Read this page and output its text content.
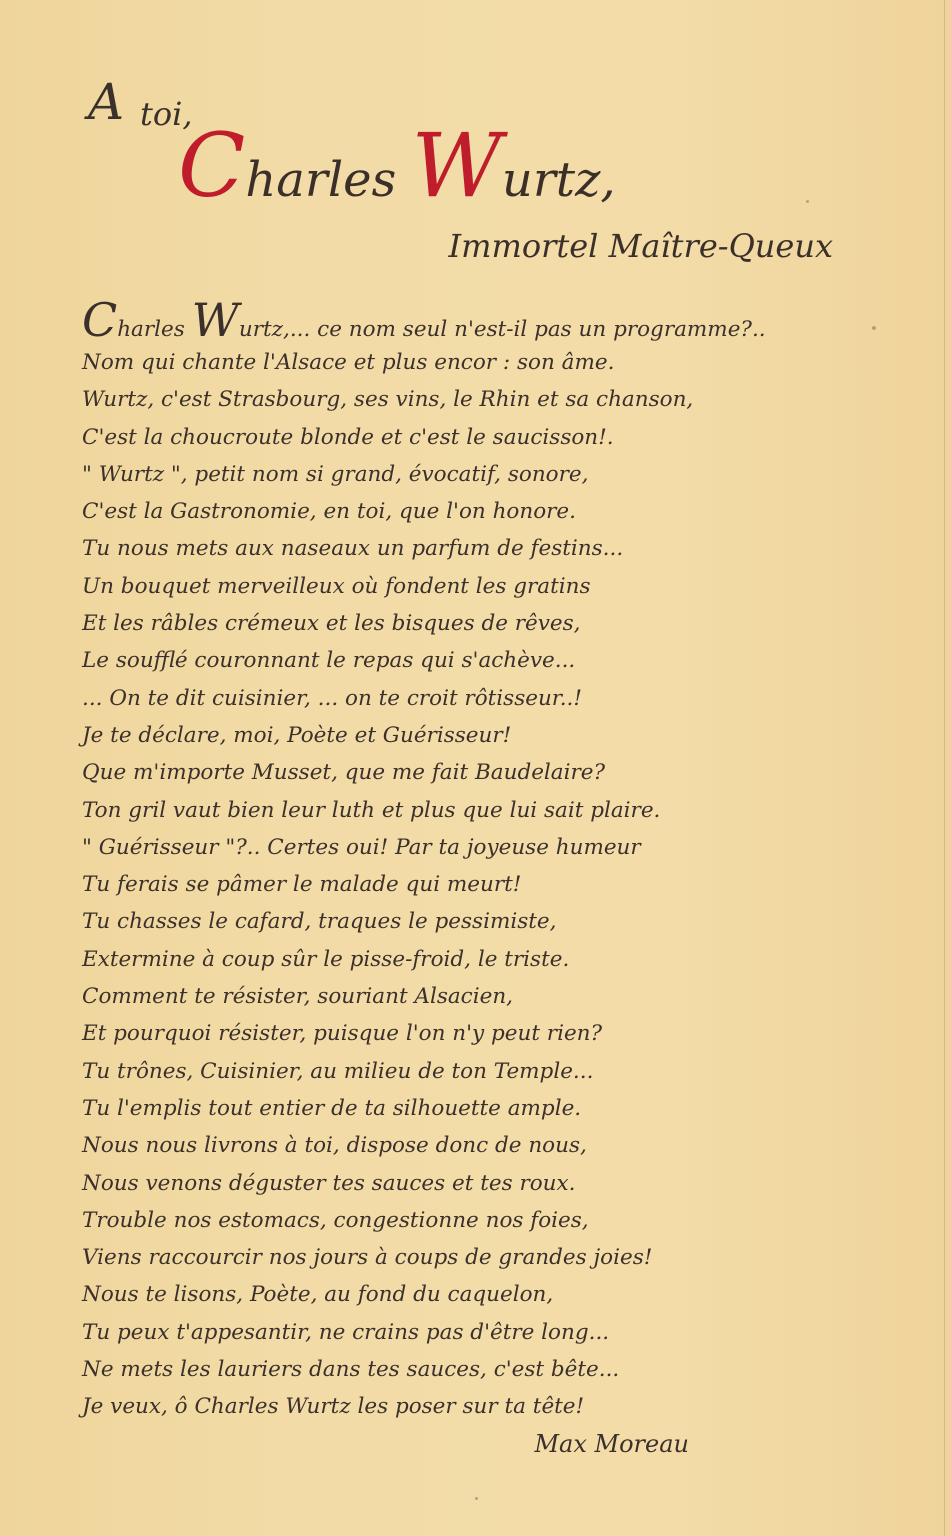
A toi,
Charles Wurtz,
Immortel Maître-Queux
Charles Wurtz,... ce nom seul n'est-il pas un programme?..
Nom qui chante l'Alsace et plus encor : son âme.
Wurtz, c'est Strasbourg, ses vins, le Rhin et sa chanson,
C'est la choucroute blonde et c'est le saucisson!.
" Wurtz ", petit nom si grand, évocatif, sonore,
C'est la Gastronomie, en toi, que l'on honore.
Tu nous mets aux naseaux un parfum de festins...
Un bouquet merveilleux où fondent les gratins
Et les râbles crémeux et les bisques de rêves,
Le soufflé couronnant le repas qui s'achève...
... On te dit cuisinier, ... on te croit rôtisseur..!
Je te déclare, moi, Poète et Guérisseur!
Que m'importe Musset, que me fait Baudelaire?
Ton gril vaut bien leur luth et plus que lui sait plaire.
" Guérisseur "?.. Certes oui! Par ta joyeuse humeur
Tu ferais se pâmer le malade qui meurt!
Tu chasses le cafard, traques le pessimiste,
Extermine à coup sûr le pisse-froid, le triste.
Comment te résister, souriant Alsacien,
Et pourquoi résister, puisque l'on n'y peut rien?
Tu trônes, Cuisinier, au milieu de ton Temple...
Tu l'emplis tout entier de ta silhouette ample.
Nous nous livrons à toi, dispose donc de nous,
Nous venons déguster tes sauces et tes roux.
Trouble nos estomacs, congestionne nos foies,
Viens raccourcir nos jours à coups de grandes joies!
Nous te lisons, Poète, au fond du caquelon,
Tu peux t'appesantir, ne crains pas d'être long...
Ne mets les lauriers dans tes sauces, c'est bête...
Je veux, ô Charles Wurtz les poser sur ta tête!
Max Moreau
